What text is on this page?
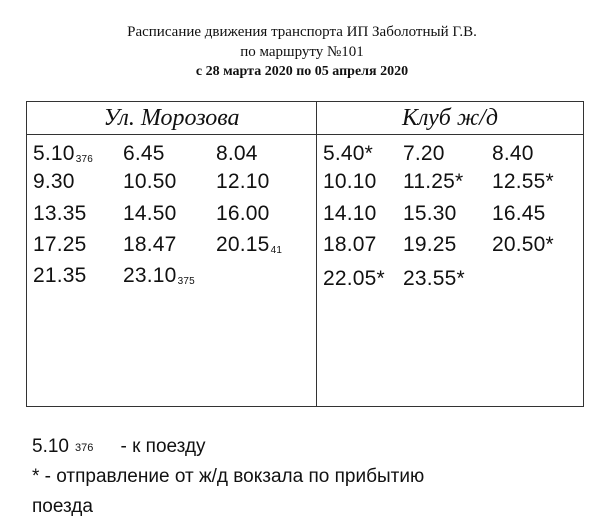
Расписание движения транспорта ИП Заболотный Г.В.
по маршруту №101
с 28 марта 2020 по 05 апреля 2020
Ул. Морозова	Клуб ж/д
$5.10_{376}$ 6.45 8.04
9.30 10.50 12.10
13.35 14.50 16.00
17.25 18.47 $20.15_{41}$
21.35 $23.10_{375}$
5.40* 7.20 8.40
10.10 11.25* 12.55*
14.10 15.30 16.45
18.07 19.25 20.50*
22.05* 23.55*
5.10 376 - к поезду
* - отправление от ж/д вокзала по прибытию
поезда
